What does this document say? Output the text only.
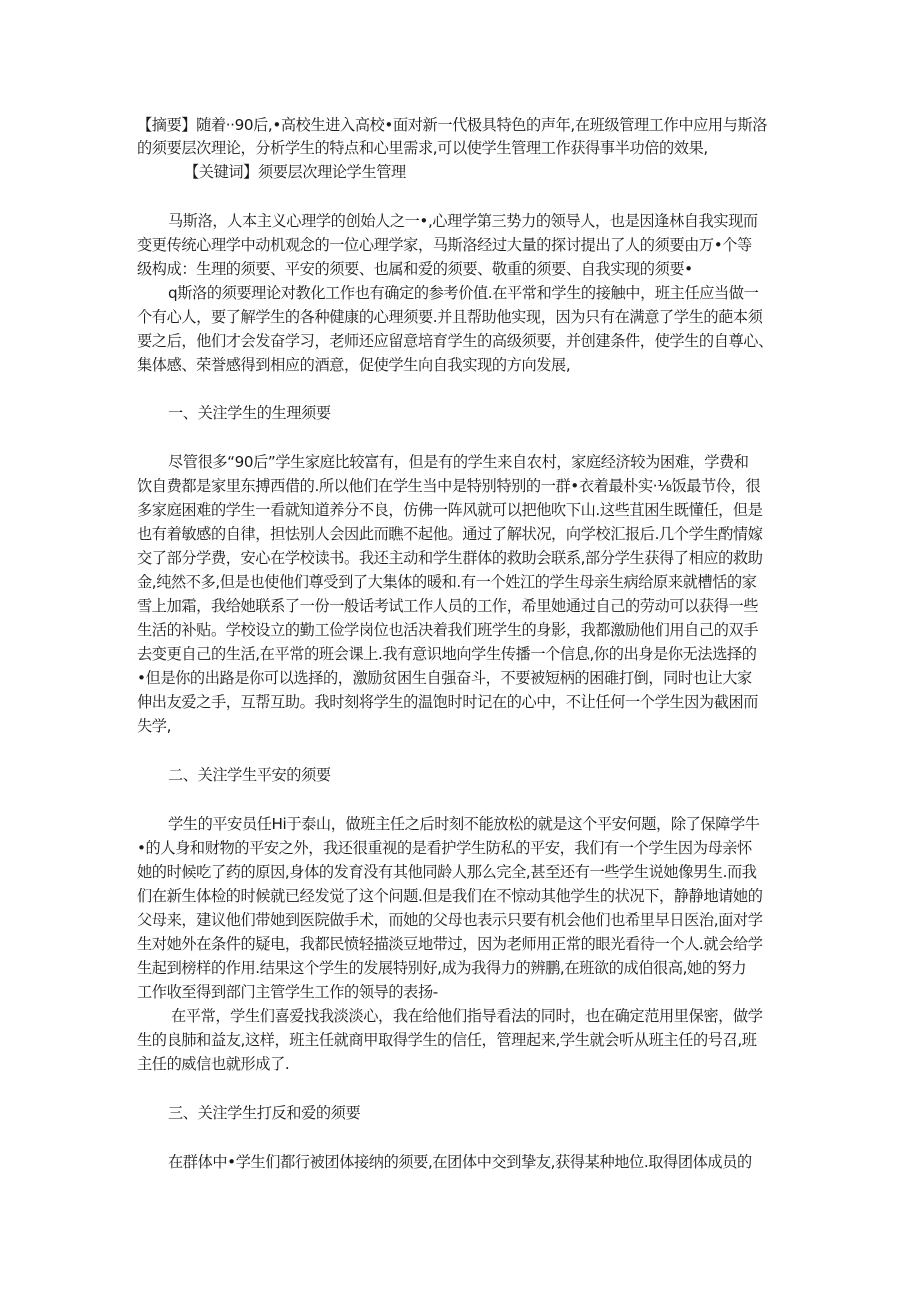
【摘要】随着··90后,•高校生进入高校•面对新一代极具特色的声年,在班级管理工作中应用与斯洛
的须要层次理论，分析学生的特点和心里需求,可以使学生管理工作获得事半功倍的效果,
【关键词】须要层次理论学生管理
马斯洛，人本主义心理学的创始人之一•,心理学第三势力的领导人，也是因逢林自我实现而
变更传统心理学中动机观念的一位心理学家，马斯洛经过大量的探讨提出了人的须要由万•个等
级构成：生理的须要、平安的须要、也属和爱的须要、敬重的须要、自我实现的须要•
q斯洛的须要理论对教化工作也有确定的参考价值.在平常和学生的接触中，班主任应当做一
个有心人，要了解学生的各种健康的心理须要.并且帮助他实现，因为只有在满意了学生的葩本须
要之后，他们才会发奋学习，老师还应留意培育学生的高级须要，并创建条件，使学生的自尊心、
集体感、荣誉感得到相应的酒意，促使学生向自我实现的方向发展,
一、关注学生的生理须要
尽管很多“90后”学生家庭比较富有，但是有的学生来自农村，家庭经济较为困难，学费和
饮自费都是家里东搏西借的.所以他们在学生当中是特别特别的一群•衣着最朴实·⅛饭最节伶，很
多家庭困难的学生一看就知道养分不良，仿佛一阵风就可以把他吹下山.这些苴困生既懂任，但是
也有着敏感的自律，担怯别人会因此而瞧不起他。通过了解状况，向学校汇报后.几个学生酌情嫁
交了部分学费，安心在学校读书。我还主动和学生群体的救助会联系,部分学生获得了相应的救助
金,纯然不多,但是也使他们尊受到了大集体的暖和.有一个姓江的学生母亲生病给原来就槽恬的家
雪上加霜，我给她联系了一份一般话考试工作人员的工作，希里她通过自己的劳动可以获得一些
生活的补贴。学校设立的勤工俭学岗位也活决着我们班学生的身影，我都激励他们用自己的双手
去变更自己的生活,在平常的班会课上.我有意识地向学生传播一个信息,你的出身是你无法选择的
•但是你的出路是你可以选择的，激励贫困生自强奋斗，不要被短柄的困碓打倒，同时也让大家
伸出友爱之手，互帮互助。我时刻将学生的温饱时时记在的心中，不让任何一个学生因为截困而
失学,
二、关注学生平安的须要
学生的平安员任Hi于泰山，做班主任之后时刻不能放松的就是这个平安何题，除了保障学牛
•的人身和财物的平安之外，我还很重视的是看护学生防私的平安，我们有一个学生因为母亲怀
她的时候吃了药的原因,身体的发育没有其他同龄人那么完全,甚至还有一些学生说她像男生.而我
们在新生体检的时候就已经发觉了这个问题.但是我们在不惊动其他学生的状况下，静静地请她的
父母来，建议他们带她到医院做手术，而她的父母也表示只要有机会他们也希里早日医治,面对学
生对她外在条件的疑电，我都民愤轻描淡豆地带过，因为老师用正常的眼光看待一个人.就会给学
生起到榜样的作用.结果这个学生的发展特别好,成为我得力的辨鹏,在班欲的成伯很高,她的努力
工作收至得到部门主管学生工作的领导的表扬-
在平常，学生们喜爱找我淡淡心，我在给他们指导看法的同时，也在确定范用里保密，做学
生的良肺和益友,这样，班主任就商甲取得学生的信任，管理起来,学生就会听从班主任的号召,班
主任的威信也就形成了.
三、关注学生打反和爱的须要
在群体中•学生们都行被团体接纳的须要,在团体中交到挚友,获得某种地位.取得团体成员的
